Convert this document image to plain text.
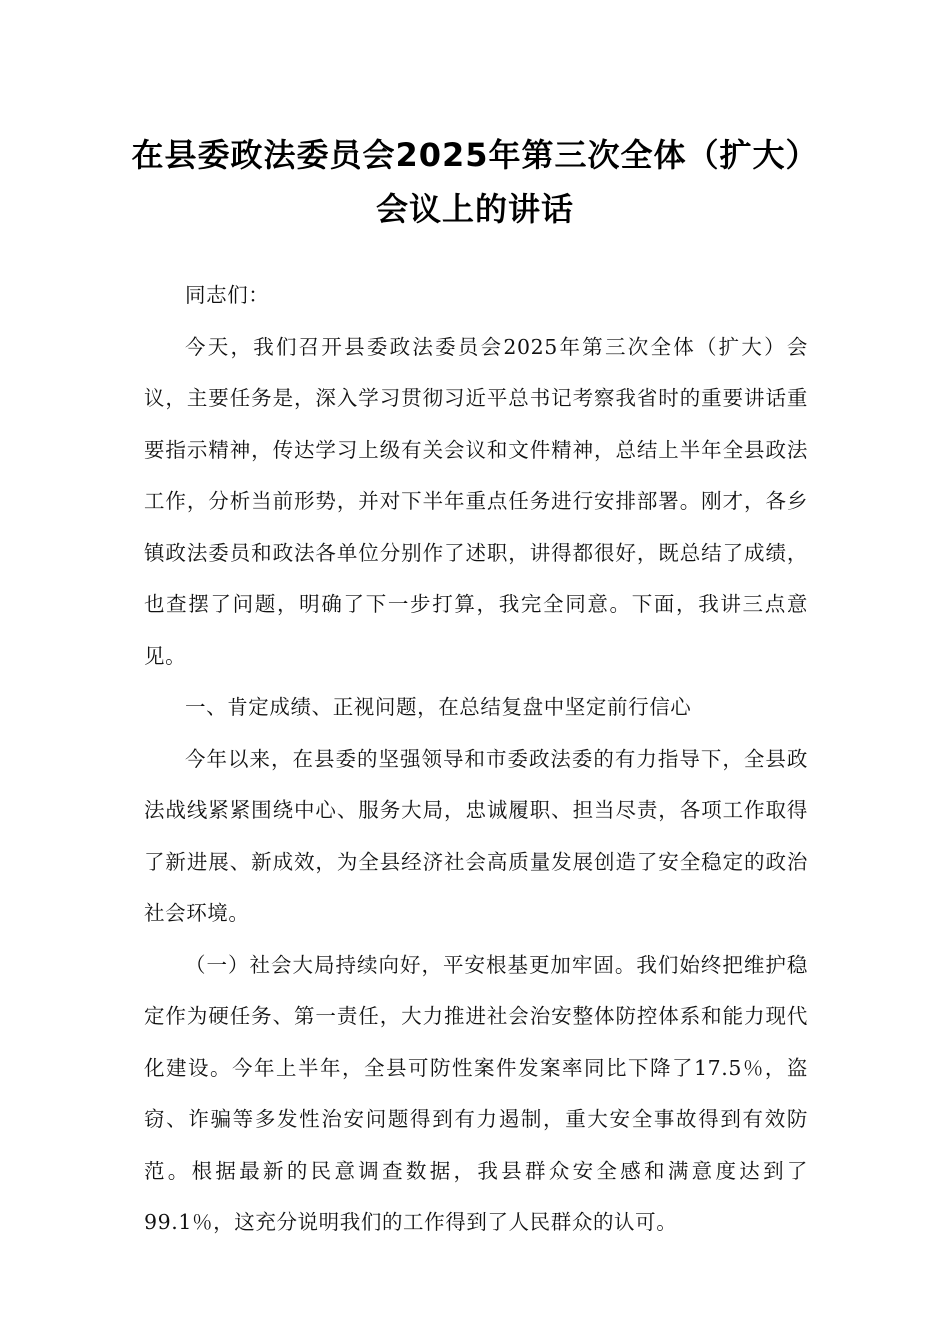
在县委政法委员会2025年第三次全体（扩大）会议上的讲话

同志们：

今天，我们召开县委政法委员会2025年第三次全体（扩大）会议，主要任务是，深入学习贯彻习近平总书记考察我省时的重要讲话重要指示精神，传达学习上级有关会议和文件精神，总结上半年全县政法工作，分析当前形势，并对下半年重点任务进行安排部署。刚才，各乡镇政法委员和政法各单位分别作了述职，讲得都很好，既总结了成绩，也查摆了问题，明确了下一步打算，我完全同意。下面，我讲三点意见。

一、肯定成绩、正视问题，在总结复盘中坚定前行信心

今年以来，在县委的坚强领导和市委政法委的有力指导下，全县政法战线紧紧围绕中心、服务大局，忠诚履职、担当尽责，各项工作取得了新进展、新成效，为全县经济社会高质量发展创造了安全稳定的政治社会环境。

（一）社会大局持续向好，平安根基更加牢固。我们始终把维护稳定作为硬任务、第一责任，大力推进社会治安整体防控体系和能力现代化建设。今年上半年，全县可防性案件发案率同比下降了17.5％，盗窃、诈骗等多发性治安问题得到有力遏制，重大安全事故得到有效防范。根据最新的民意调查数据，我县群众安全感和满意度达到了99.1％，这充分说明我们的工作得到了人民群众的认可。
